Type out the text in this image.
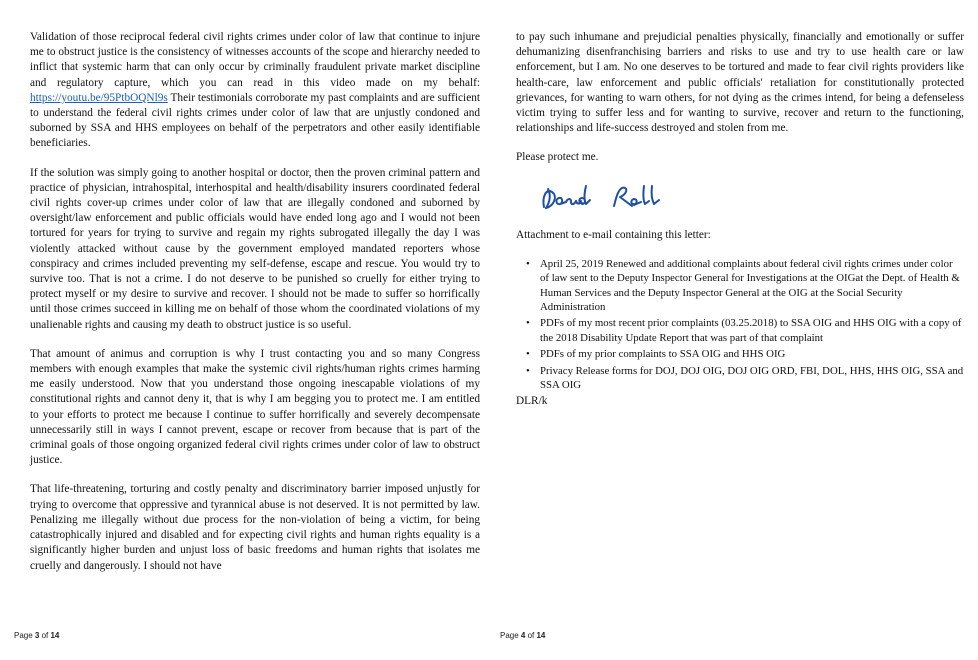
Validation of those reciprocal federal civil rights crimes under color of law that continue to injure me to obstruct justice is the consistency of witnesses accounts of the scope and hierarchy needed to inflict that systemic harm that can only occur by criminally fraudulent private market discipline and regulatory capture, which you can read in this video made on my behalf: https://youtu.be/95PtbOQNl9s Their testimonials corroborate my past complaints and are sufficient to understand the federal civil rights crimes under color of law that are unjustly condoned and suborned by SSA and HHS employees on behalf of the perpetrators and other easily identifiable beneficiaries.

If the solution was simply going to another hospital or doctor, then the proven criminal pattern and practice of physician, intrahospital, interhospital and health/disability insurers coordinated federal civil rights cover-up crimes under color of law that are illegally condoned and suborned by oversight/law enforcement and public officials would have ended long ago and I would not been tortured for years for trying to survive and regain my rights subrogated illegally the day I was violently attacked without cause by the government employed mandated reporters whose conspiracy and crimes included preventing my self-defense, escape and rescue. You would try to survive too. That is not a crime. I do not deserve to be punished so cruelly for either trying to protect myself or my desire to survive and recover. I should not be made to suffer so horrifically until those crimes succeed in killing me on behalf of those whom the coordinated violations of my unalienable rights and causing my death to obstruct justice is so useful.

That amount of animus and corruption is why I trust contacting you and so many Congress members with enough examples that make the systemic civil rights/human rights crimes harming me easily understood. Now that you understand those ongoing inescapable violations of my constitutional rights and cannot deny it, that is why I am begging you to protect me. I am entitled to your efforts to protect me because I continue to suffer horrifically and severely decompensate unnecessarily still in ways I cannot prevent, escape or recover from because that is part of the criminal goals of those ongoing organized federal civil rights crimes under color of law to obstruct justice.

That life-threatening, torturing and costly penalty and discriminatory barrier imposed unjustly for trying to overcome that oppressive and tyrannical abuse is not deserved. It is not permitted by law. Penalizing me illegally without due process for the non-violation of being a victim, for being catastrophically injured and disabled and for expecting civil rights and human rights equality is a significantly higher burden and unjust loss of basic freedoms and human rights that isolates me cruelly and dangerously. I should not have

Page 3 of 14

to pay such inhumane and prejudicial penalties physically, financially and emotionally or suffer dehumanizing disenfranchising barriers and risks to use and try to use health care or law enforcement, but I am. No one deserves to be tortured and made to fear civil rights providers like health-care, law enforcement and public officials' retaliation for constitutionally protected grievances, for wanting to warn others, for not dying as the crimes intend, for being a defenseless victim trying to suffer less and for wanting to survive, recover and return to the functioning, relationships and life-success destroyed and stolen from me.

Please protect me.

Attachment to e-mail containing this letter:

• April 25, 2019 Renewed and additional complaints about federal civil rights crimes under color of law sent to the Deputy Inspector General for Investigations at the OIGat the Dept. of Health & Human Services and the Deputy Inspector General at the OIG at the Social Security Administration
• PDFs of my most recent prior complaints (03.25.2018) to SSA OIG and HHS OIG with a copy of the 2018 Disability Update Report that was part of that complaint
• PDFs of my prior complaints to SSA OIG and HHS OIG
• Privacy Release forms for DOJ, DOJ OIG, DOJ OIG ORD, FBI, DOL, HHS, HHS OIG, SSA and SSA OIG

DLR/k

Page 4 of 14
